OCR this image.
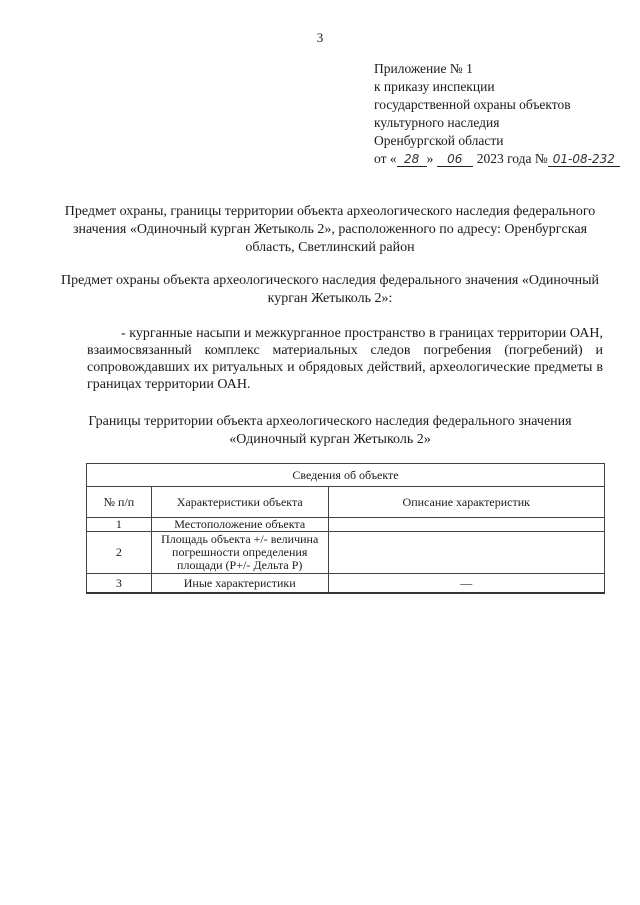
3
Приложение № 1
к приказу инспекции
государственной охраны объектов
культурного наследия
Оренбургской области
от « 28 » 06 2023 года № 01-08-232
Предмет охраны, границы территории объекта археологического наследия федерального значения «Одиночный курган Жетыколь 2», расположенного по адресу: Оренбургская область, Светлинский район
Предмет охраны объекта археологического наследия федерального значения «Одиночный курган Жетыколь 2»:
- курганные насыпи и межкурганное пространство в границах территории ОАН, взаимосвязанный комплекс материальных следов погребения (погребений) и сопровождавших их ритуальных и обрядовых действий, археологические предметы в границах территории ОАН.
Границы территории объекта археологического наследия федерального значения «Одиночный курган Жетыколь 2»
Сведения об объекте		
№ п/п	Характеристики объекта	Описание характеристик
1	Местоположение объекта	
2	Площадь объекта +/- величина погрешности определения площади (Р+/- Дельта Р)	
3	Иные характеристики	—
